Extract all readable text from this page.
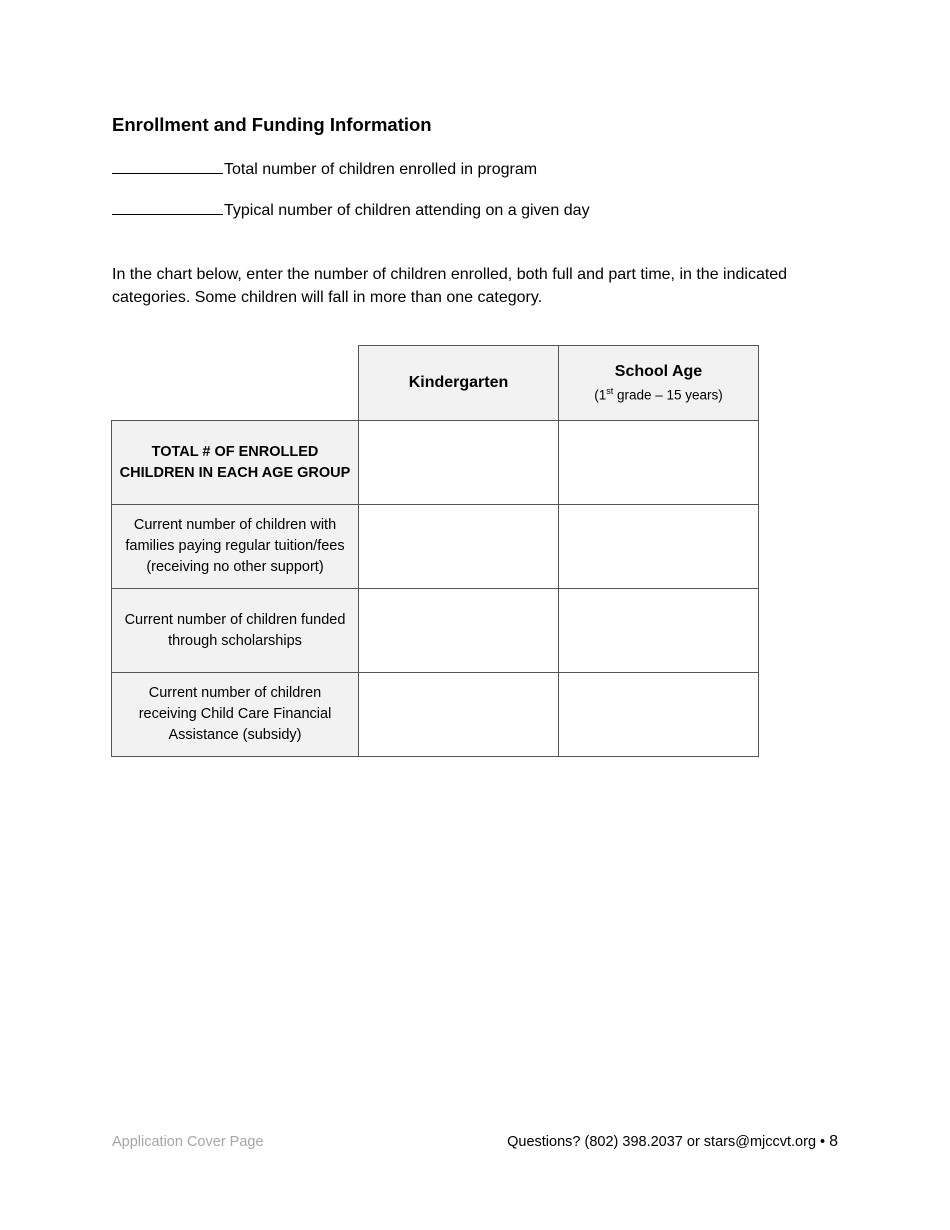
Enrollment and Funding Information
Total number of children enrolled in program
Typical number of children attending on a given day

In the chart below, enter the number of children enrolled, both full and part time, in the indicated categories. Some children will fall in more than one category.

	Kindergarten	School Age
(1st grade – 15 years)

TOTAL # OF ENROLLED CHILDREN IN EACH AGE GROUP		
Current number of children with families paying regular tuition/fees (receiving no other support)		
Current number of children funded through scholarships		
Current number of children receiving Child Care Financial Assistance (subsidy)		
Application Cover Page	Questions? (802) 398.2037 or stars@mjccvt.org • 8
